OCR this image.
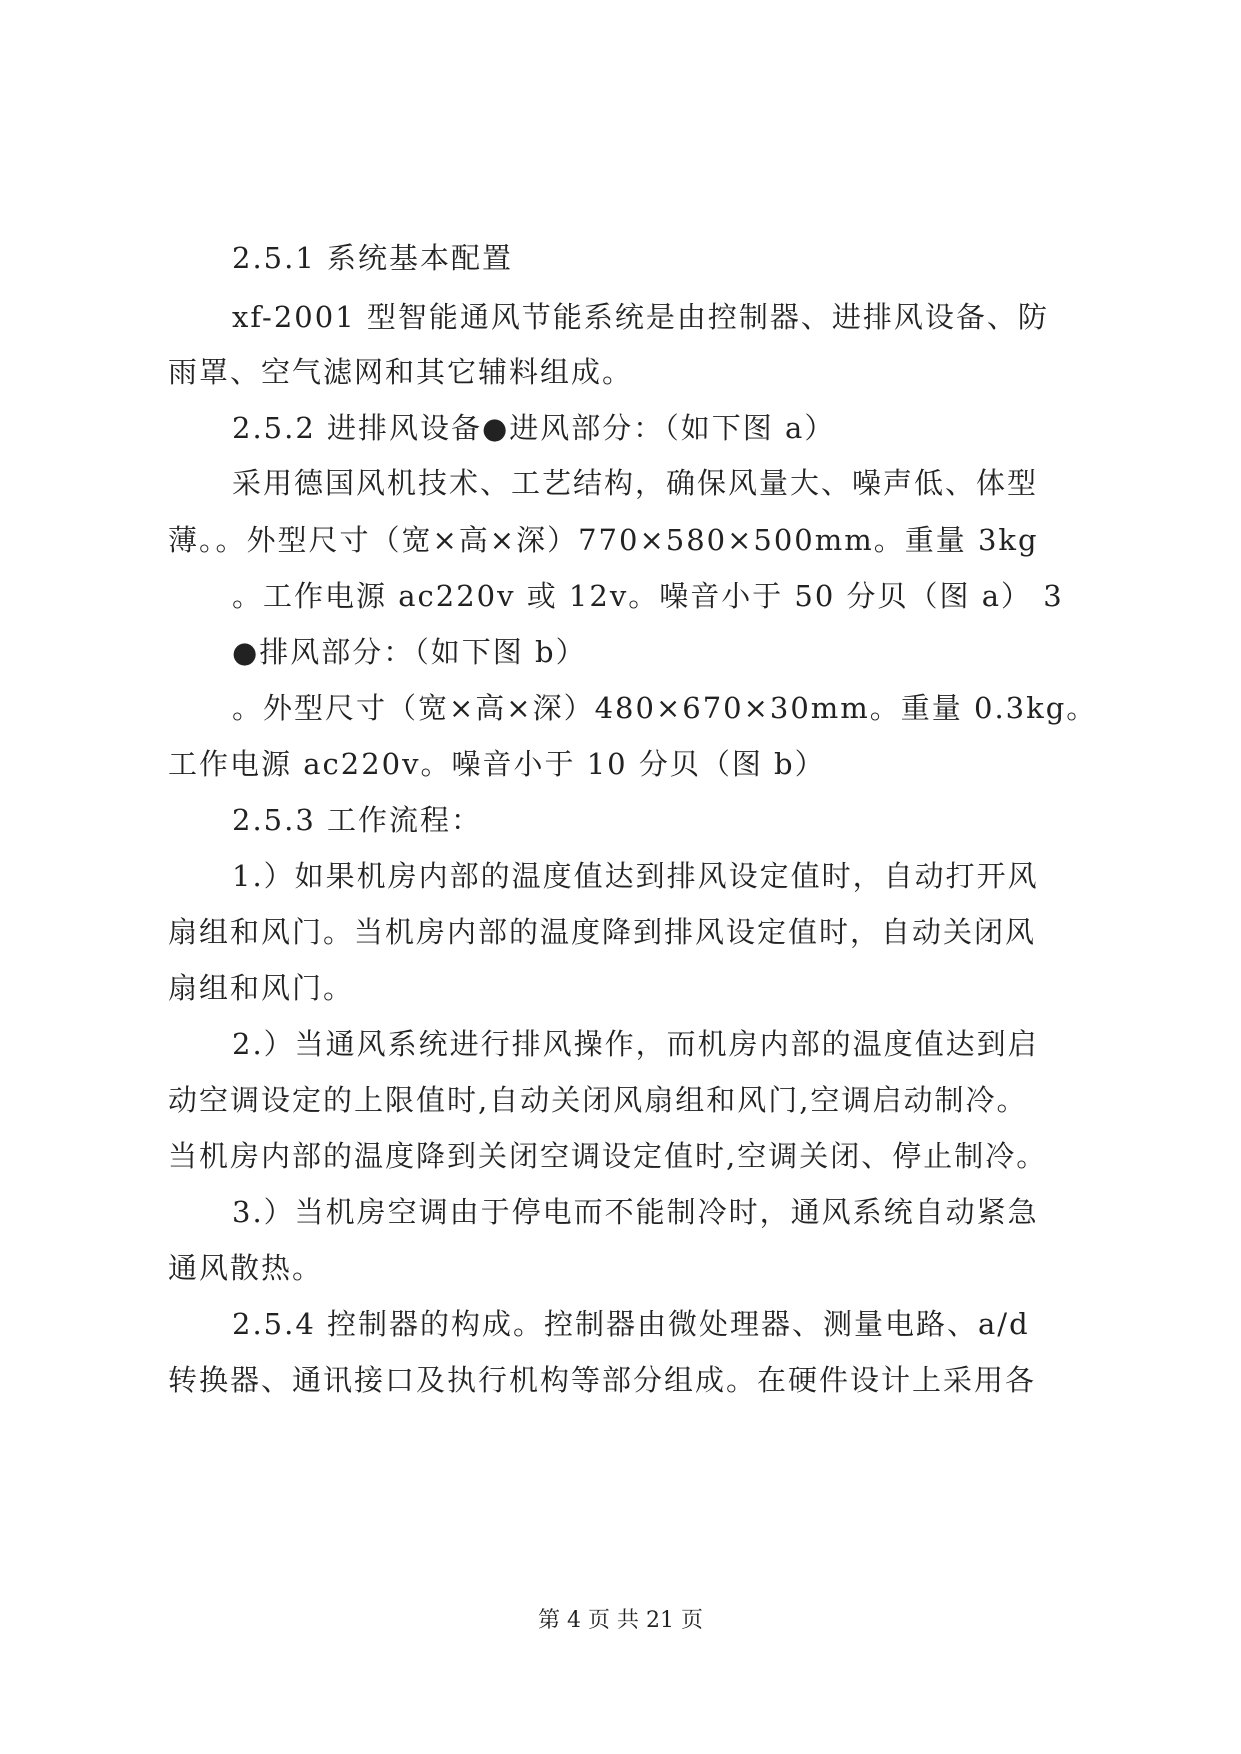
2.5.1 系统基本配置

xf-2001 型智能通风节能系统是由控制器、进排风设备、防

雨罩、空气滤网和其它辅料组成。

2.5.2 进排风设备●进风部分：（如下图 a）

采用德国风机技术、工艺结构，确保风量大、噪声低、体型

薄。。外型尺寸（宽×高×深）770×580×500mm。重量 3kg

。工作电源 ac220v 或 12v。噪音小于 50 分贝（图 a） 3

●排风部分：（如下图 b）

。外型尺寸（宽×高×深）480×670×30mm。重量 0.3kg。

工作电源 ac220v。噪音小于 10 分贝（图 b）

2.5.3 工作流程：

1.）如果机房内部的温度值达到排风设定值时，自动打开风

扇组和风门。当机房内部的温度降到排风设定值时，自动关闭风

扇组和风门。

2.）当通风系统进行排风操作，而机房内部的温度值达到启

动空调设定的上限值时,自动关闭风扇组和风门,空调启动制冷。

当机房内部的温度降到关闭空调设定值时,空调关闭、停止制冷。

3.）当机房空调由于停电而不能制冷时，通风系统自动紧急

通风散热。

2.5.4 控制器的构成。控制器由微处理器、测量电路、a/d

转换器、通讯接口及执行机构等部分组成。在硬件设计上采用各

第 4 页 共 21 页
